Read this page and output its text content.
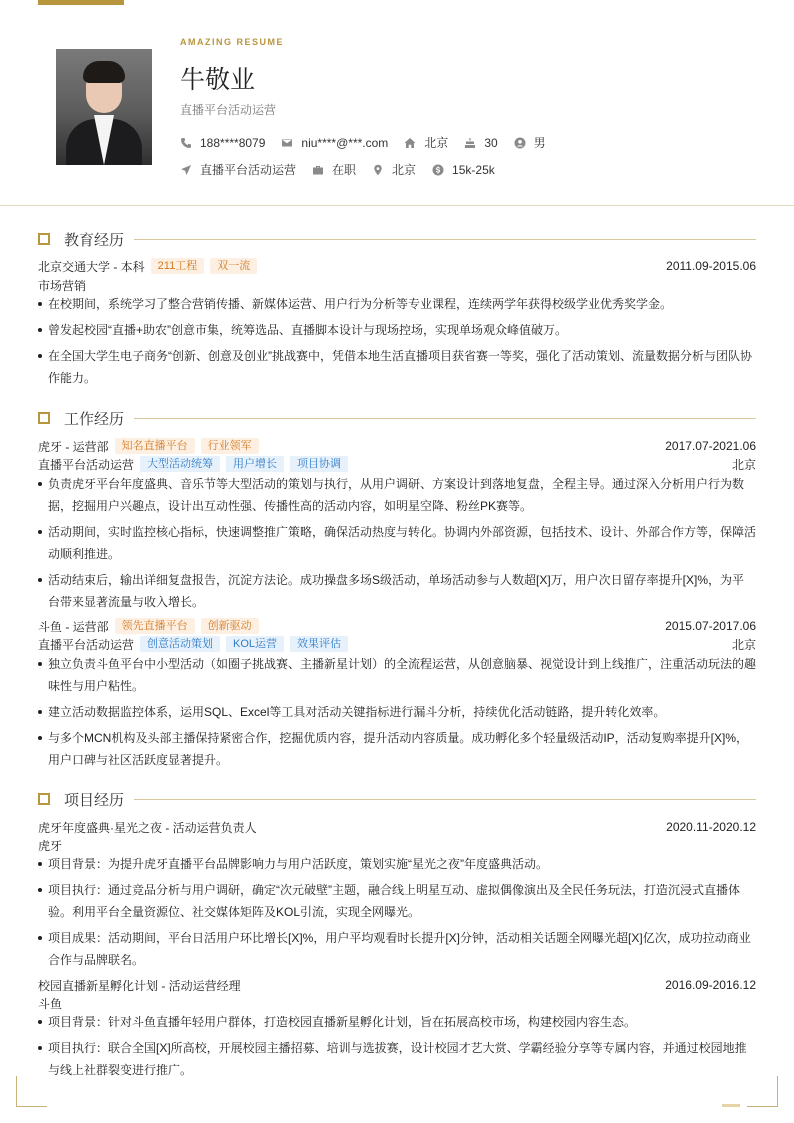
AMAZING RESUME
牛敬业
直播平台活动运营
188****8079	niu****@***.com	北京	30	男
直播平台活动运营	在职	北京	15k-25k
教育经历
北京交通大学 - 本科	211工程	双一流	2011.09-2015.06
市场营销
在校期间，系统学习了整合营销传播、新媒体运营、用户行为分析等专业课程，连续两学年获得校级学业优秀奖学金。
曾发起校园“直播+助农”创意市集，统筹选品、直播脚本设计与现场控场，实现单场观众峰值破万。
在全国大学生电子商务“创新、创意及创业”挑战赛中，凭借本地生活直播项目获省赛一等奖，强化了活动策划、流量数据分析与团队协作能力。
工作经历
虎牙 - 运营部	知名直播平台	行业领军	2017.07-2021.06
直播平台活动运营	大型活动统筹	用户增长	项目协调	北京
负责虎牙平台年度盛典、音乐节等大型活动的策划与执行，从用户调研、方案设计到落地复盘，全程主导。通过深入分析用户行为数据，挖掘用户兴趣点，设计出互动性强、传播性高的活动内容，如明星空降、粉丝PK赛等。
活动期间，实时监控核心指标，快速调整推广策略，确保活动热度与转化。协调内外部资源，包括技术、设计、外部合作方等，保障活动顺利推进。
活动结束后，输出详细复盘报告，沉淀方法论。成功操盘多场S级活动，单场活动参与人数超[X]万，用户次日留存率提升[X]%，为平台带来显著流量与收入增长。
斗鱼 - 运营部	领先直播平台	创新驱动	2015.07-2017.06
直播平台活动运营	创意活动策划	KOL运营	效果评估	北京
独立负责斗鱼平台中小型活动（如圈子挑战赛、主播新星计划）的全流程运营，从创意脑暴、视觉设计到上线推广，注重活动玩法的趣味性与用户粘性。
建立活动数据监控体系，运用SQL、Excel等工具对活动关键指标进行漏斗分析，持续优化活动链路，提升转化效率。
与多个MCN机构及头部主播保持紧密合作，挖掘优质内容，提升活动内容质量。成功孵化多个轻量级活动IP，活动复购率提升[X]%，用户口碑与社区活跃度显著提升。
项目经历
虎牙年度盛典·星光之夜 - 活动运营负责人	2020.11-2020.12
虎牙
项目背景：为提升虎牙直播平台品牌影响力与用户活跃度，策划实施“星光之夜”年度盛典活动。
项目执行：通过竞品分析与用户调研，确定“次元破壁”主题，融合线上明星互动、虚拟偶像演出及全民任务玩法，打造沉浸式直播体验。利用平台全量资源位、社交媒体矩阵及KOL引流，实现全网曝光。
项目成果：活动期间，平台日活用户环比增长[X]%，用户平均观看时长提升[X]分钟，活动相关话题全网曝光超[X]亿次，成功拉动商业合作与品牌联名。
校园直播新星孵化计划 - 活动运营经理	2016.09-2016.12
斗鱼
项目背景：针对斗鱼直播年轻用户群体，打造校园直播新星孵化计划，旨在拓展高校市场，构建校园内容生态。
项目执行：联合全国[X]所高校，开展校园主播招募、培训与选拔赛，设计校园才艺大赏、学霸经验分享等专属内容，并通过校园地推与线上社群裂变进行推广。
